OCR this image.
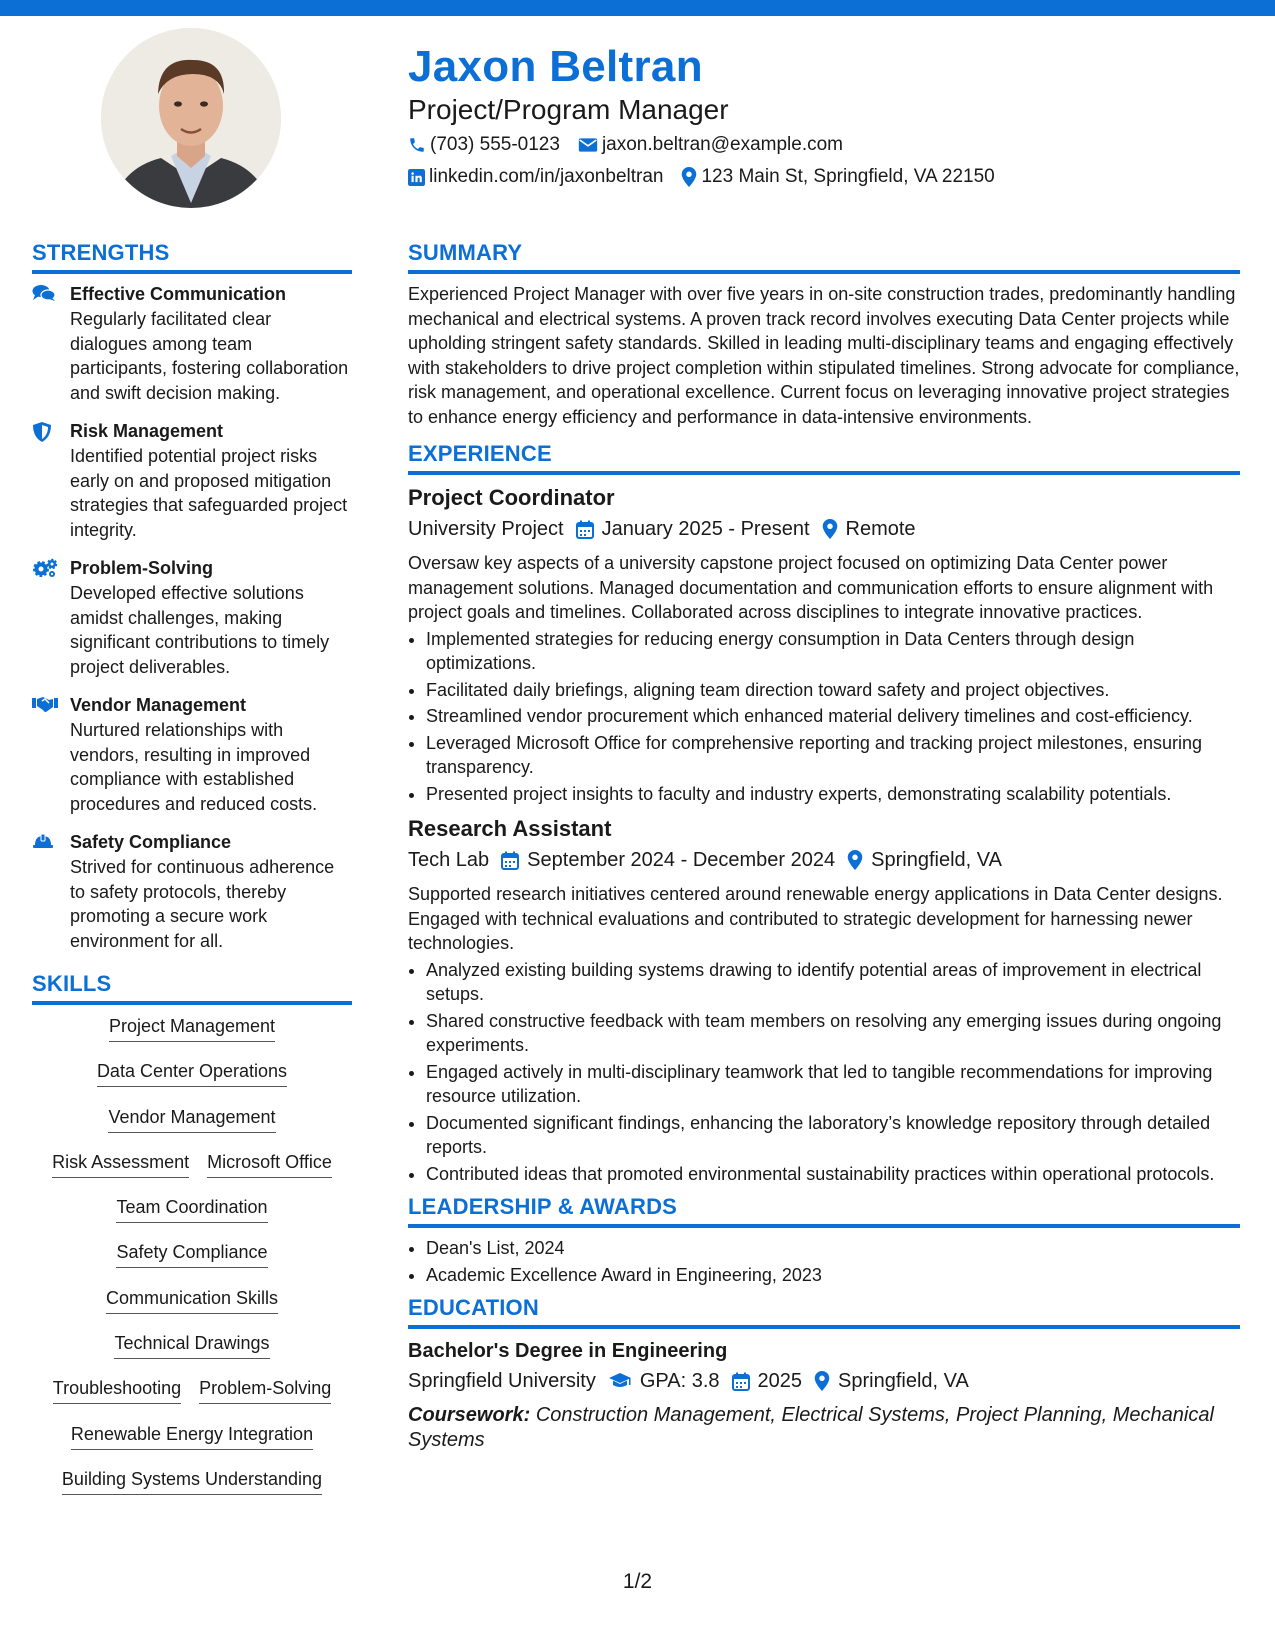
Jaxon Beltran
Project/Program Manager
(703) 555-0123 jaxon.beltran@example.com
linkedin.com/in/jaxonbeltran 123 Main St, Springfield, VA 22150
STRENGTHS
Effective Communication
Regularly facilitated clear dialogues among team participants, fostering collaboration and swift decision making.
Risk Management
Identified potential project risks early on and proposed mitigation strategies that safeguarded project integrity.
Problem-Solving
Developed effective solutions amidst challenges, making significant contributions to timely project deliverables.
Vendor Management
Nurtured relationships with vendors, resulting in improved compliance with established procedures and reduced costs.
Safety Compliance
Strived for continuous adherence to safety protocols, thereby promoting a secure work environment for all.
SKILLS
Project Management
Data Center Operations
Vendor Management
Risk Assessment Microsoft Office
Team Coordination
Safety Compliance
Communication Skills
Technical Drawings
Troubleshooting Problem-Solving
Renewable Energy Integration
Building Systems Understanding
SUMMARY

Experienced Project Manager with over five years in on-site construction trades, predominantly handling mechanical and electrical systems. A proven track record involves executing Data Center projects while upholding stringent safety standards. Skilled in leading multi-disciplinary teams and engaging effectively with stakeholders to drive project completion within stipulated timelines. Strong advocate for compliance, risk management, and operational excellence. Current focus on leveraging innovative project strategies to enhance energy efficiency and performance in data-intensive environments.

EXPERIENCE
Project Coordinator
University Project January 2025 - Present Remote
Oversaw key aspects of a university capstone project focused on optimizing Data Center power management solutions. Managed documentation and communication efforts to ensure alignment with project goals and timelines. Collaborated across disciplines to integrate innovative practices.
• Implemented strategies for reducing energy consumption in Data Centers through design optimizations.
• Facilitated daily briefings, aligning team direction toward safety and project objectives.
• Streamlined vendor procurement which enhanced material delivery timelines and cost-efficiency.
• Leveraged Microsoft Office for comprehensive reporting and tracking project milestones, ensuring transparency.
• Presented project insights to faculty and industry experts, demonstrating scalability potentials.
Research Assistant
Tech Lab September 2024 - December 2024 Springfield, VA
Supported research initiatives centered around renewable energy applications in Data Center designs. Engaged with technical evaluations and contributed to strategic development for harnessing newer technologies.
• Analyzed existing building systems drawing to identify potential areas of improvement in electrical setups.
• Shared constructive feedback with team members on resolving any emerging issues during ongoing experiments.
• Engaged actively in multi-disciplinary teamwork that led to tangible recommendations for improving resource utilization.
• Documented significant findings, enhancing the laboratory’s knowledge repository through detailed reports.
• Contributed ideas that promoted environmental sustainability practices within operational protocols.
LEADERSHIP & AWARDS
• Dean's List, 2024
• Academic Excellence Award in Engineering, 2023
EDUCATION
Bachelor's Degree in Engineering
Springfield University GPA: 3.8 2025 Springfield, VA
Coursework: Construction Management, Electrical Systems, Project Planning, Mechanical Systems
1/2
